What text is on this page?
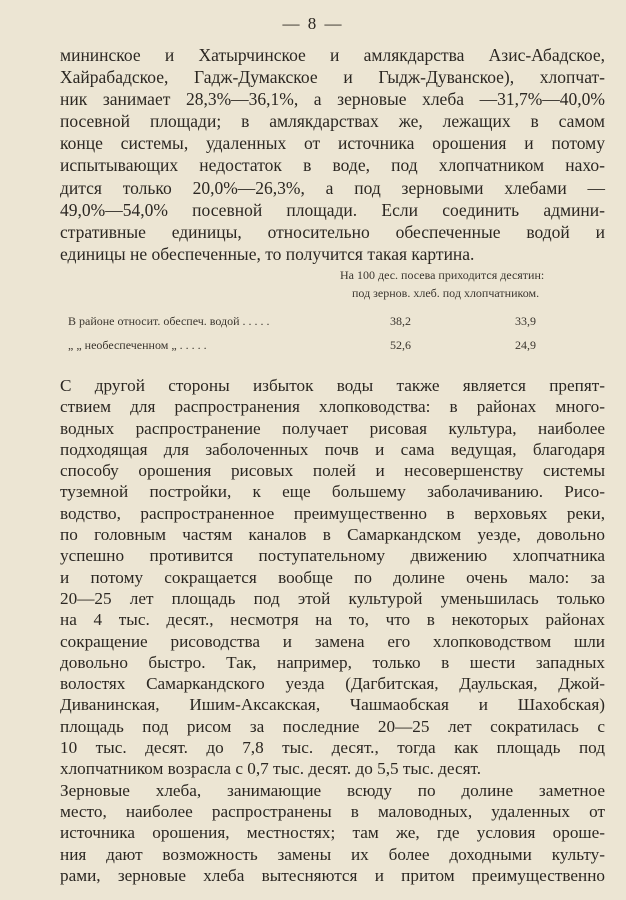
— 8 —
мининское и Хатырчинское и амлякдарства Азис-Абадское,
Хайрабадское, Гадж-Думакское и Гыдж-Дуванское), хлопчат-
ник занимает 28,3%—36,1%, а зерновые хлеба —31,7%—40,0%
посевной площади; в амлякдарствах же, лежащих в самом
конце системы, удаленных от источника орошения и потому
испытывающих недостаток в воде, под хлопчатником нахо-
дится только 20,0%—26,3%, а под зерновыми хлебами —
49,0%—54,0% посевной площади. Если соединить админи-
стративные единицы, относительно обеспеченные водой и
единицы не обеспеченные, то получится такая картина.
На 100 дес. посева приходится десятин:
под зернов. хлеб. под хлопчатником.
В районе относит. обеспеч. водой . . . . .	38,2	33,9
„ „ необеспеченном „ . . . . .	52,6	24,9
С другой стороны избыток воды также является препят-
ствием для распространения хлопководства: в районах много-
водных распространение получает рисовая культура, наиболее
подходящая для заболоченных почв и сама ведущая, благодаря
способу орошения рисовых полей и несовершенству системы
туземной постройки, к еще большему заболачиванию. Рисо-
водство, распространенное преимущественно в верховьях реки,
по головным частям каналов в Самаркандском уезде, довольно
успешно противится поступательному движению хлопчатника
и потому сокращается вообще по долине очень мало: за
20—25 лет площадь под этой культурой уменьшилась только
на 4 тыс. десят., несмотря на то, что в некоторых районах
сокращение рисоводства и замена его хлопководством шли
довольно быстро. Так, например, только в шести западных
волостях Самаркандского уезда (Дагбитская, Даульская, Джой-
Диванинская, Ишим-Аксакская, Чашмаобская и Шахобская)
площадь под рисом за последние 20—25 лет сократилась с
10 тыс. десят. до 7,8 тыс. десят., тогда как площадь под
хлопчатником возрасла с 0,7 тыс. десят. до 5,5 тыс. десят.
Зерновые хлеба, занимающие всюду по долине заметное
место, наиболее распространены в маловодных, удаленных от
источника орошения, местностях; там же, где условия ороше-
ния дают возможность замены их более доходными культу-
рами, зерновые хлеба вытесняются и притом преимущественно
